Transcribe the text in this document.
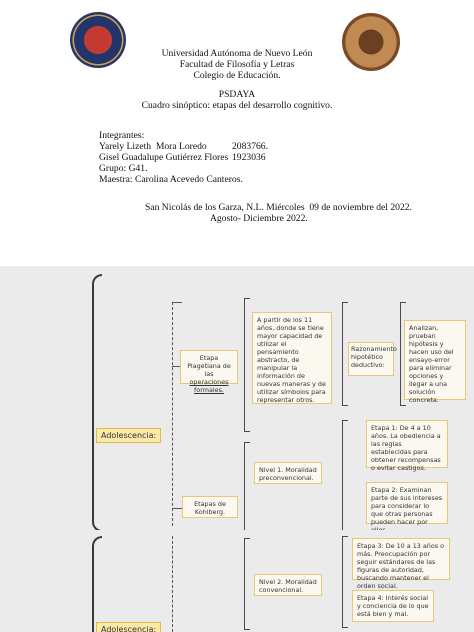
Universidad Autónoma de Nuevo León
Facultad de Filosofía y Letras
Colegio de Educación.
PSDAYA
Cuadro sinóptico: etapas del desarrollo cognitivo.
Integrantes:
Yarely Lizeth  Mora Loredo	2083766.
Gisel Guadalupe Gutiérrez Flores 1923036
Grupo: G41.
Maestra: Carolina Acevedo Canteros.
San Nicolás de los Garza, N.L. Miércoles  09 de noviembre del 2022.
Agosto- Diciembre 2022.
Adolescencia:
Etapa
Piagetiana de
las operaciones
formales.
A partir de los 11 años, donde se tiene mayor capacidad de utilizar el pensamiento abstracto, de manipular la información de nuevas maneras y de utilizar símbolos para representar otros.
Razonamiento hipotético deductivo:
Analizan, prueban hipótesis y hacen uso del ensayo-error para eliminar opciones y llegar a una solución concreta.
Etapas de Kohlberg.
Nivel 1. Moralidad preconvencional.
Etapa 1: De 4 a 10 años. La obediencia a las reglas establecidas para obtener recompensas o evitar castigos.
Etapa 2: Examinan parte de sus intereses para considerar lo que otras personas pueden hacer por
Adolescencia:
Nivel 2. Moralidad convencional.
Etapa 3: De 10 a 13 años o más. Preocupación por seguir estándares de las figuras de autoridad, buscando mantener el orden social.
Etapa 4: Interés social y conciencia de lo que está bien y mal.
